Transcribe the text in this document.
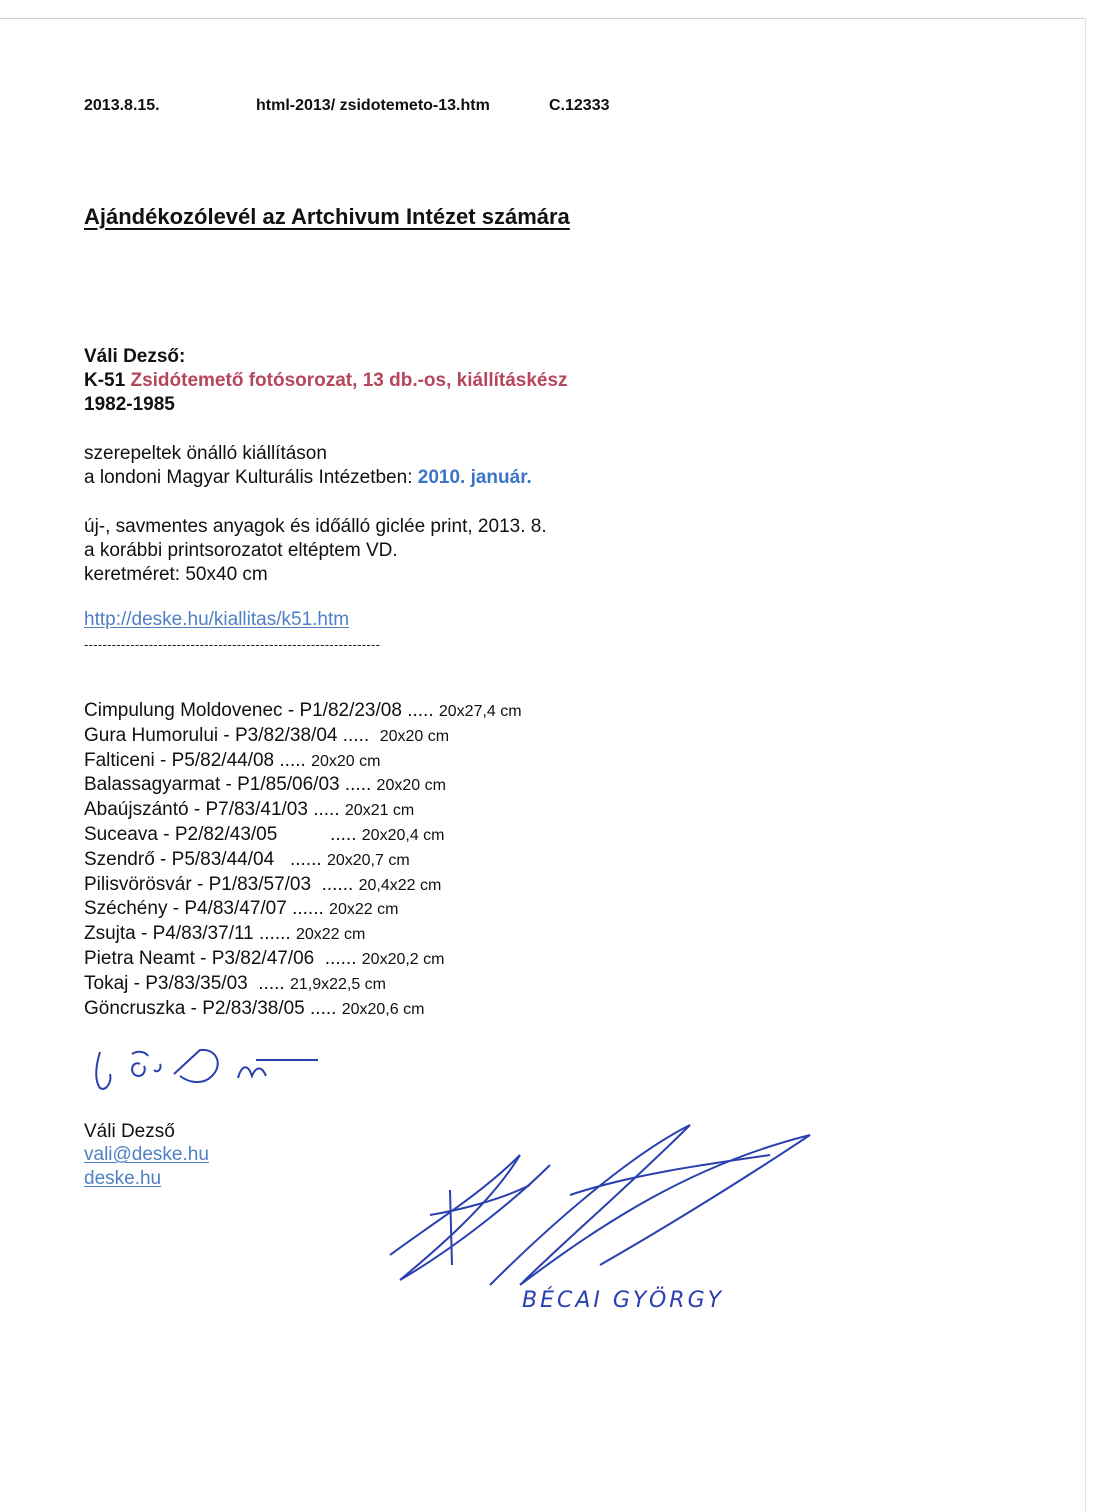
2013.8.15.	html-2013/ zsidotemeto-13.htm	C.12333
Ajándékozólevél az Artchivum Intézet számára
Váli Dezső:
K-51 Zsidótemető fotósorozat, 13 db.-os, kiállításkész
1982-1985
szerepeltek önálló kiállításon
a londoni Magyar Kulturális Intézetben: 2010. január.
új-, savmentes anyagok és időálló giclée print, 2013. 8.
a korábbi printsorozatot eltéptem VD.
keretméret: 50x40 cm
http://deske.hu/kiallitas/k51.htm
----------------------------------------------------------------
Cimpulung Moldovenec - P1/82/23/08 ..... 20x27,4 cm
Gura Humorului - P3/82/38/04 .....  20x20 cm
Falticeni - P5/82/44/08 ..... 20x20 cm
Balassagyarmat - P1/85/06/03 ..... 20x20 cm
Abaújszántó - P7/83/41/03 ..... 20x21 cm
Suceava - P2/82/43/05          ..... 20x20,4 cm
Szendrő - P5/83/44/04   ...... 20x20,7 cm
Pilisvörösvár - P1/83/57/03  ...... 20,4x22 cm
Széchény - P4/83/47/07 ...... 20x22 cm
Zsujta - P4/83/37/11 ...... 20x22 cm
Pietra Neamt - P3/82/47/06  ...... 20x20,2 cm
Tokaj - P3/83/35/03  ..... 21,9x22,5 cm
Göncruszka - P2/83/38/05 ..... 20x20,6 cm
Váli Dezső
vali@deske.hu
deske.hu
BÉCAI GYÖRGY
